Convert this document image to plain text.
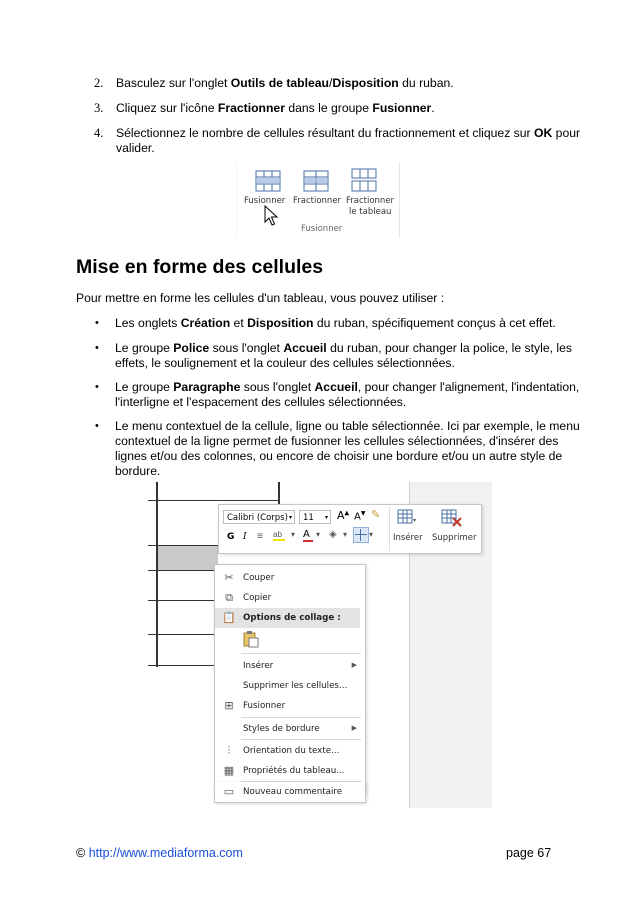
2. Basculez sur l'onglet Outils de tableau/Disposition du ruban.
3. Cliquez sur l'icône Fractionner dans le groupe Fusionner.
4. Sélectionnez le nombre de cellules résultant du fractionnement et cliquez sur OK pour
valider.
Fusionner Fractionner Fractionner
le tableau
Fusionner
Mise en forme des cellules
Pour mettre en forme les cellules d'un tableau, vous pouvez utiliser :
• Les onglets Création et Disposition du ruban, spécifiquement conçus à cet effet.
• Le groupe Police sous l'onglet Accueil du ruban, pour changer la police, le style, les
effets, le soulignement et la couleur des cellules sélectionnées.
• Le groupe Paragraphe sous l'onglet Accueil, pour changer l'alignement, l'indentation,
l'interligne et l'espacement des cellules sélectionnées.
• Le menu contextuel de la cellule, ligne ou table sélectionnée. Ici par exemple, le menu
contextuel de la ligne permet de fusionner les cellules sélectionnées, d'insérer des
lignes et/ou des colonnes, ou encore de choisir une bordure et/ou un autre style de
bordure.
Calibri (Corps) ▾	11 ▾ A▲ A▼ ✎	▾
G I ≡ ab	▾ A ▾ ◈ ▾	▾ Insérer Supprimer
✂ Couper
⧉	Copier
📋 Options de collage :
Insérer	▶
Supprimer les cellules...
⊞ Fusionner
Styles de bordure	▶
⫶	Orientation du texte...
▦ Propriétés du tableau...
▭ Nouveau commentaire
© http://www.mediaforma.com	page 67
